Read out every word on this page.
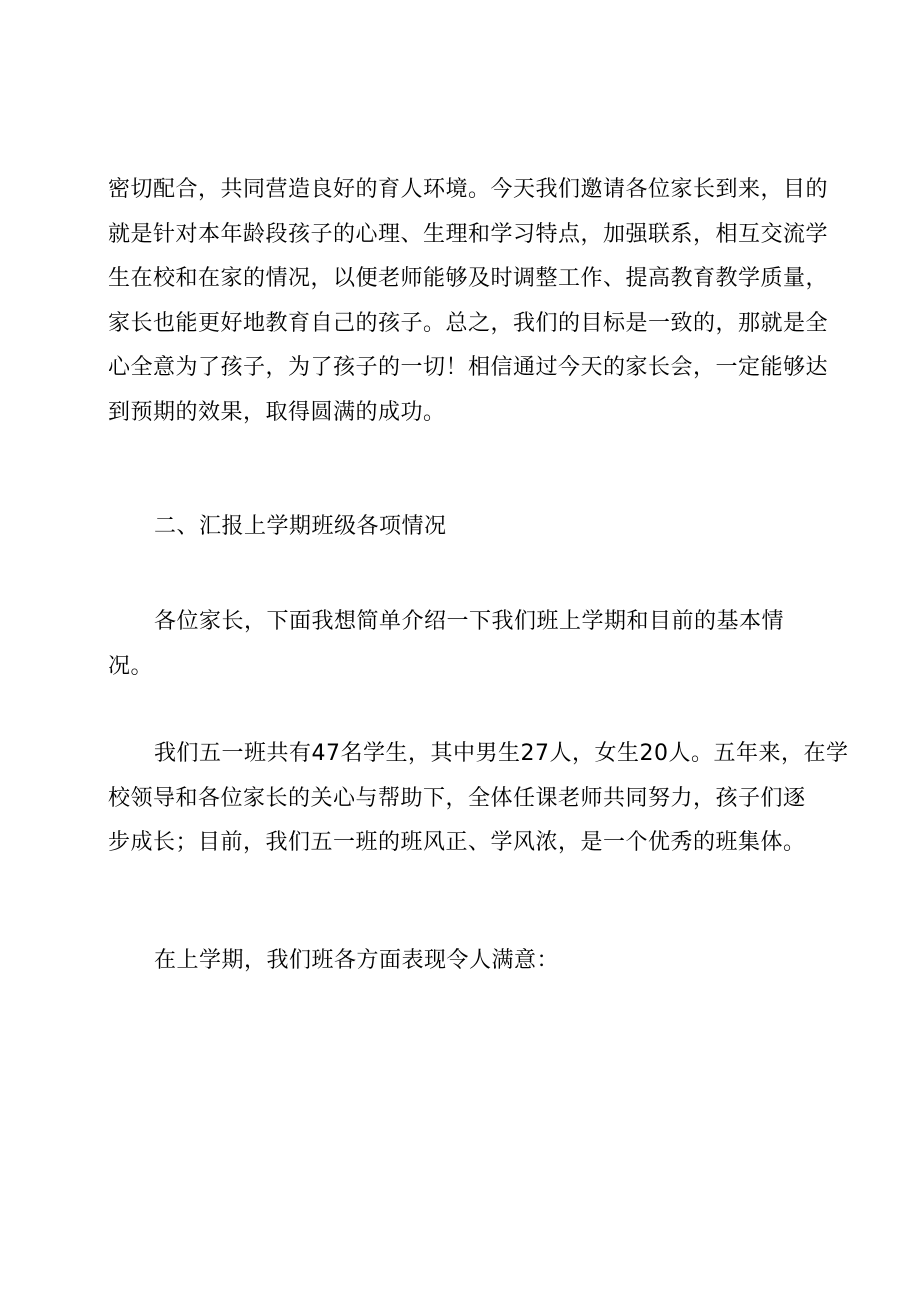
密切配合，共同营造良好的育人环境。今天我们邀请各位家长到来，目的
就是针对本年龄段孩子的心理、生理和学习特点，加强联系，相互交流学
生在校和在家的情况，以便老师能够及时调整工作、提高教育教学质量，
家长也能更好地教育自己的孩子。总之，我们的目标是一致的，那就是全
心全意为了孩子，为了孩子的一切！相信通过今天的家长会，一定能够达
到预期的效果，取得圆满的成功。

二、汇报上学期班级各项情况

各位家长，下面我想简单介绍一下我们班上学期和目前的基本情
况。

我们五一班共有47名学生，其中男生27人，女生20人。五年来，在学
校领导和各位家长的关心与帮助下，全体任课老师共同努力，孩子们逐
步成长；目前，我们五一班的班风正、学风浓，是一个优秀的班集体。

在上学期，我们班各方面表现令人满意：
